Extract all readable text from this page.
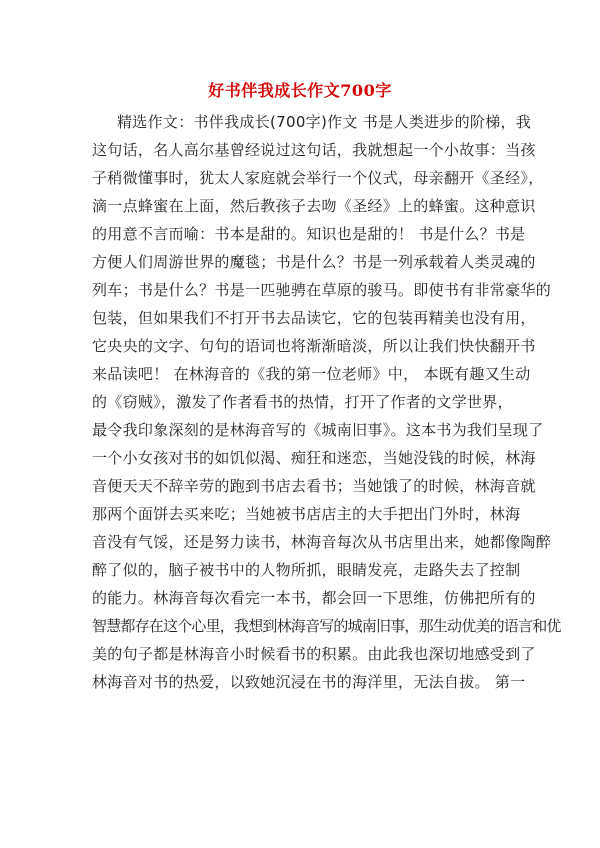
好书伴我成长作文700字
精选作文：书伴我成长(700字)作文 书是人类进步的阶梯，我
这句话，名人高尔基曾经说过这句话，我就想起一个小故事：当孩
子稍微懂事时，犹太人家庭就会举行一个仪式，母亲翻开《圣经》，
滴一点蜂蜜在上面，然后教孩子去吻《圣经》上的蜂蜜。这种意识
的用意不言而喻：书本是甜的。知识也是甜的！ 书是什么？书是
方便人们周游世界的魔毯；书是什么？书是一列承载着人类灵魂的
列车；书是什么？书是一匹驰骋在草原的骏马。即使书有非常豪华的
包装，但如果我们不打开书去品读它，它的包装再精美也没有用，
它央央的文字、句句的语词也将渐渐暗淡，所以让我们快快翻开书
来品读吧！ 在林海音的《我的第一位老师》中， 本既有趣又生动
的《窃贼》，激发了作者看书的热情，打开了作者的文学世界，
最令我印象深刻的是林海音写的《城南旧事》。这本书为我们呈现了
一个小女孩对书的如饥似渴、痴狂和迷恋，当她没钱的时候，林海
音便天天不辞辛劳的跑到书店去看书；当她饿了的时候，林海音就
那两个面饼去买来吃；当她被书店店主的大手把出门外时，林海
音没有气馁，还是努力读书，林海音每次从书店里出来，她都像陶醉
醉了似的，脑子被书中的人物所抓，眼睛发亮，走路失去了控制
的能力。林海音每次看完一本书，都会回一下思维，仿佛把所有的
智慧都存在这个心里，我想到林海音写的城南旧事，那生动优美的语言和优
美的句子都是林海音小时候看书的积累。由此我也深切地感受到了
林海音对书的热爱，以致她沉浸在书的海洋里，无法自拔。 第一
